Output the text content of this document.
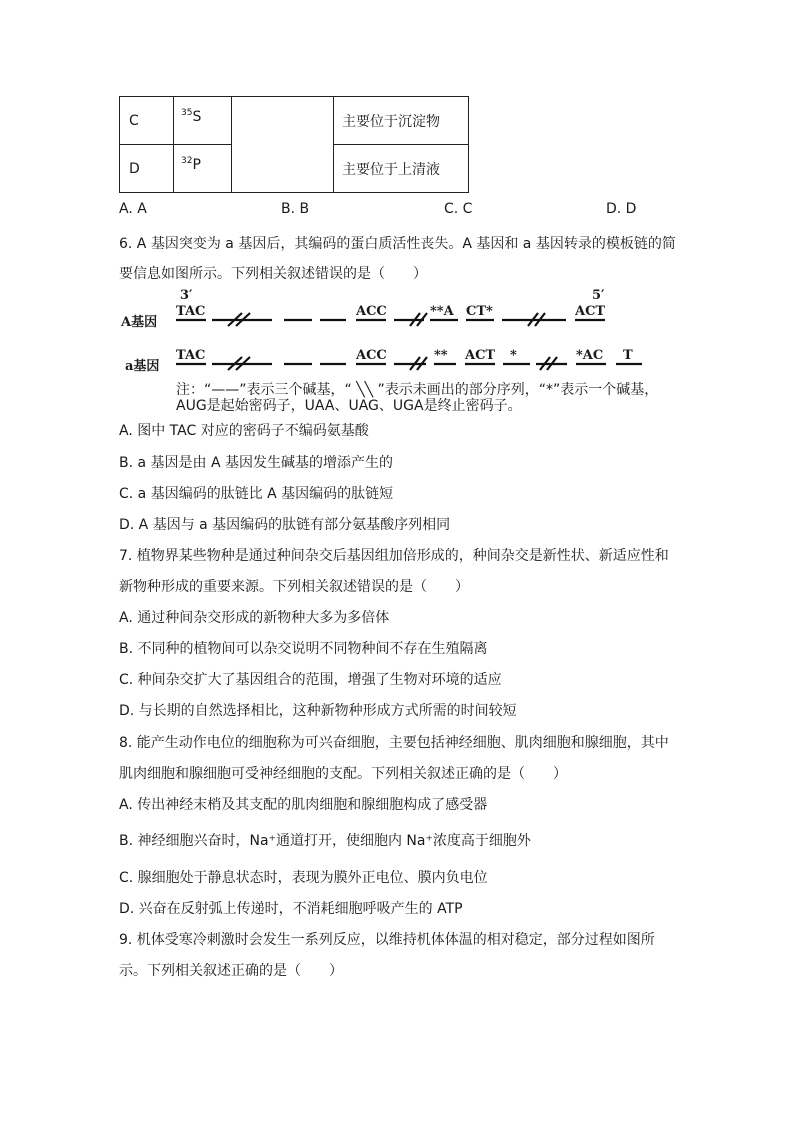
C	$^{35}$S		主要位于沉淀物
D	$^{32}$P		主要位于上清液
A. A	B. B	C. C	D. D
6. A 基因突变为 a 基因后，其编码的蛋白质活性丧失。A 基因和 a 基因转录的模板链的简
要信息如图所示。下列相关叙述错误的是（　　）
3′	5′
A基因
a基因
TAC	ACC	**A CT*	ACT
TAC	ACC	** ACT *	*AC T
注：“——”表示三个碱基，“ ╲╲ ”表示未画出的部分序列，“*”表示一个碱基，
AUG是起始密码子，UAA、UAG、UGA是终止密码子。
A. 图中 TAC 对应的密码子不编码氨基酸
B. a 基因是由 A 基因发生碱基的增添产生的
C. a 基因编码的肽链比 A 基因编码的肽链短
D. A 基因与 a 基因编码的肽链有部分氨基酸序列相同
7. 植物界某些物种是通过种间杂交后基因组加倍形成的，种间杂交是新性状、新适应性和
新物种形成的重要来源。下列相关叙述错误的是（　　）
A. 通过种间杂交形成的新物种大多为多倍体
B. 不同种的植物间可以杂交说明不同物种间不存在生殖隔离
C. 种间杂交扩大了基因组合的范围，增强了生物对环境的适应
D. 与长期的自然选择相比，这种新物种形成方式所需的时间较短
8. 能产生动作电位的细胞称为可兴奋细胞，主要包括神经细胞、肌肉细胞和腺细胞，其中
肌肉细胞和腺细胞可受神经细胞的支配。下列相关叙述正确的是（　　）
A. 传出神经末梢及其支配的肌肉细胞和腺细胞构成了感受器
B. 神经细胞兴奋时，Na⁺通道打开，使细胞内 Na⁺浓度高于细胞外
C. 腺细胞处于静息状态时，表现为膜外正电位、膜内负电位
D. 兴奋在反射弧上传递时，不消耗细胞呼吸产生的 ATP
9. 机体受寒冷刺激时会发生一系列反应，以维持机体体温的相对稳定，部分过程如图所
示。下列相关叙述正确的是（　　）
